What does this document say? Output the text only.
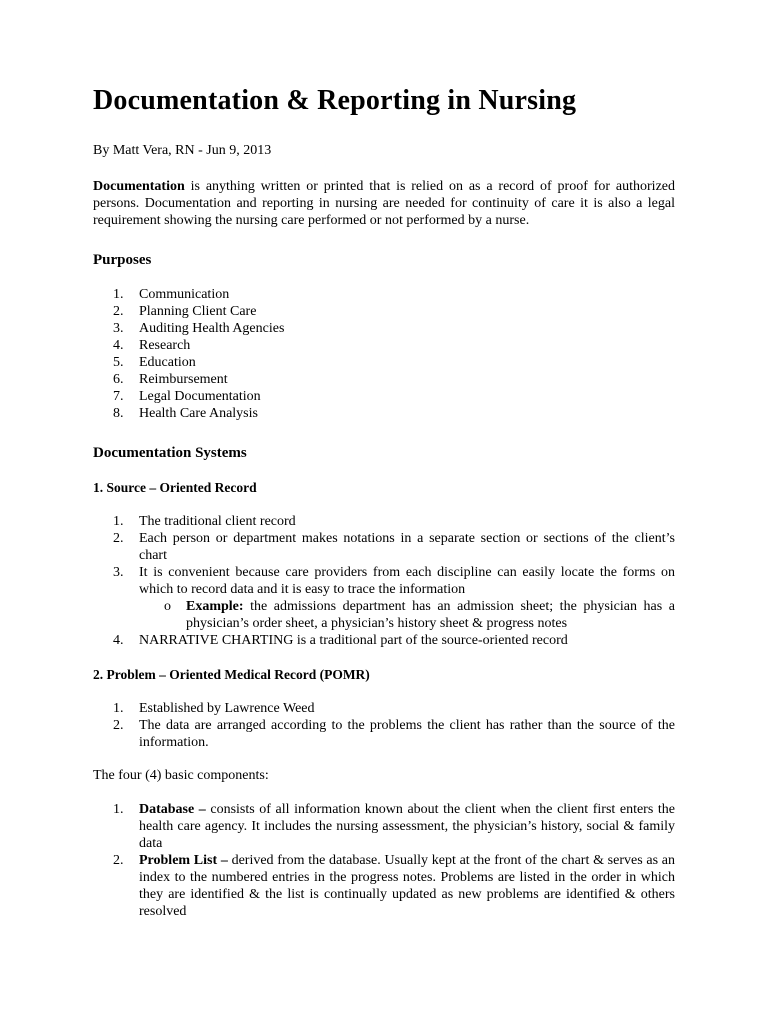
Documentation & Reporting in Nursing

By Matt Vera, RN - Jun 9, 2013

Documentation is anything written or printed that is relied on as a record of proof for authorized persons. Documentation and reporting in nursing are needed for continuity of care it is also a legal requirement showing the nursing care performed or not performed by a nurse.

Purposes
1. Communication
2. Planning Client Care
3. Auditing Health Agencies
4. Research
5. Education
6. Reimbursement
7. Legal Documentation
8. Health Care Analysis
Documentation Systems
1. Source – Oriented Record
1. The traditional client record
2. Each person or department makes notations in a separate section or sections of the client’s chart
3. It is convenient because care providers from each discipline can easily locate the forms on which to record data and it is easy to trace the information
o Example: the admissions department has an admission sheet; the physician has a physician’s order sheet, a physician’s history sheet & progress notes
4. NARRATIVE CHARTING is a traditional part of the source-oriented record
2. Problem – Oriented Medical Record (POMR)
1. Established by Lawrence Weed
2. The data are arranged according to the problems the client has rather than the source of the information.

The four (4) basic components:

1. Database – consists of all information known about the client when the client first enters the health care agency. It includes the nursing assessment, the physician’s history, social & family data
2. Problem List – derived from the database. Usually kept at the front of the chart & serves as an index to the numbered entries in the progress notes. Problems are listed in the order in which they are identified & the list is continually updated as new problems are identified & others resolved
